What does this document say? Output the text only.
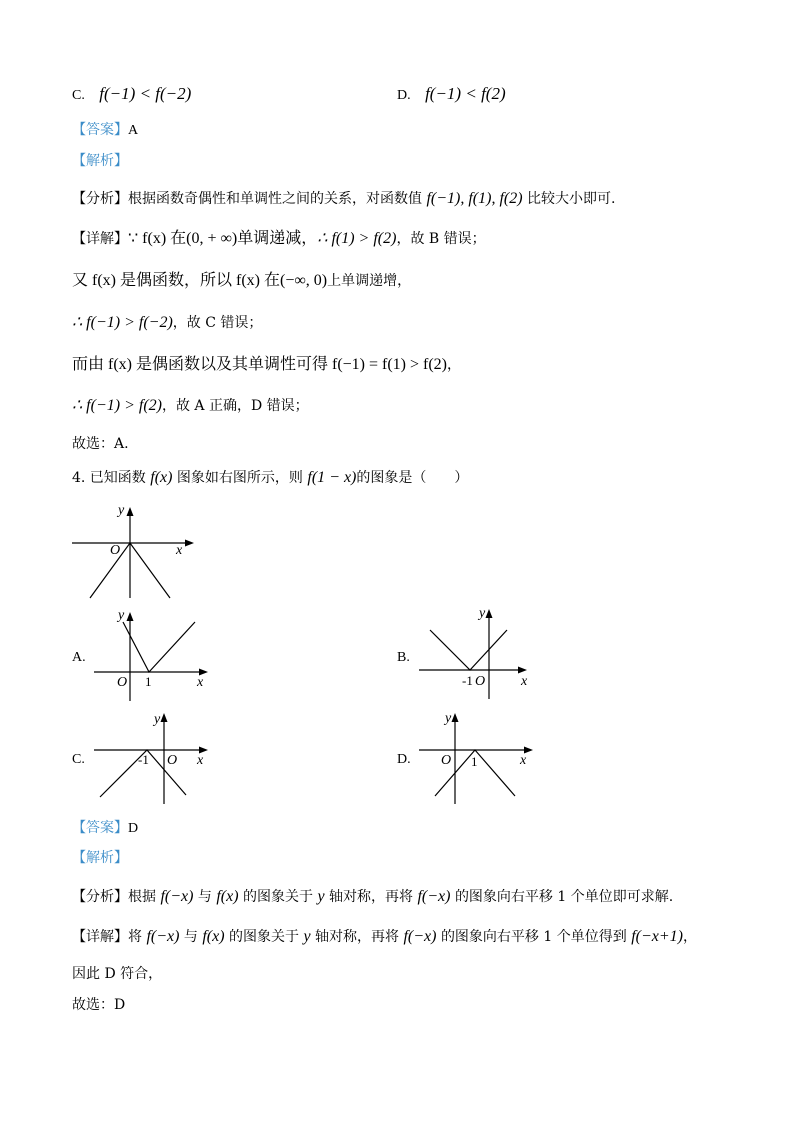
C. f(−1) < f(−2)	D. f(−1) < f(2)
【答案】A
【解析】
【分析】根据函数奇偶性和单调性之间的关系，对函数值 f(−1), f(1), f(2) 比较大小即可.
【详解】∵ f(x) 在(0, + ∞)单调递减，∴ f(1) > f(2)，故 B 错误；
又 f(x) 是偶函数，所以 f(x) 在(−∞, 0)上单调递增，
∴ f(−1) > f(−2)，故 C 错误；
而由 f(x) 是偶函数以及其单调性可得 f(−1) = f(1) > f(2)，
∴ f(−1) > f(2)，故 A 正确，D 错误；
故选：A.
4. 已知函数 f(x) 图象如右图所示，则 f(1 − x)的图象是（　　）
y
O	x
A.
y
O 1	x
B.
y
-1 O	x
C.
y
-1 O x	D.
y
O 1	x
【答案】D
【解析】
【分析】根据 f(−x) 与 f(x) 的图象关于 y 轴对称，再将 f(−x) 的图象向右平移 1 个单位即可求解.
【详解】将 f(−x) 与 f(x) 的图象关于 y 轴对称，再将 f(−x) 的图象向右平移 1 个单位得到 f(−x+1)，
因此 D 符合，
故选：D
